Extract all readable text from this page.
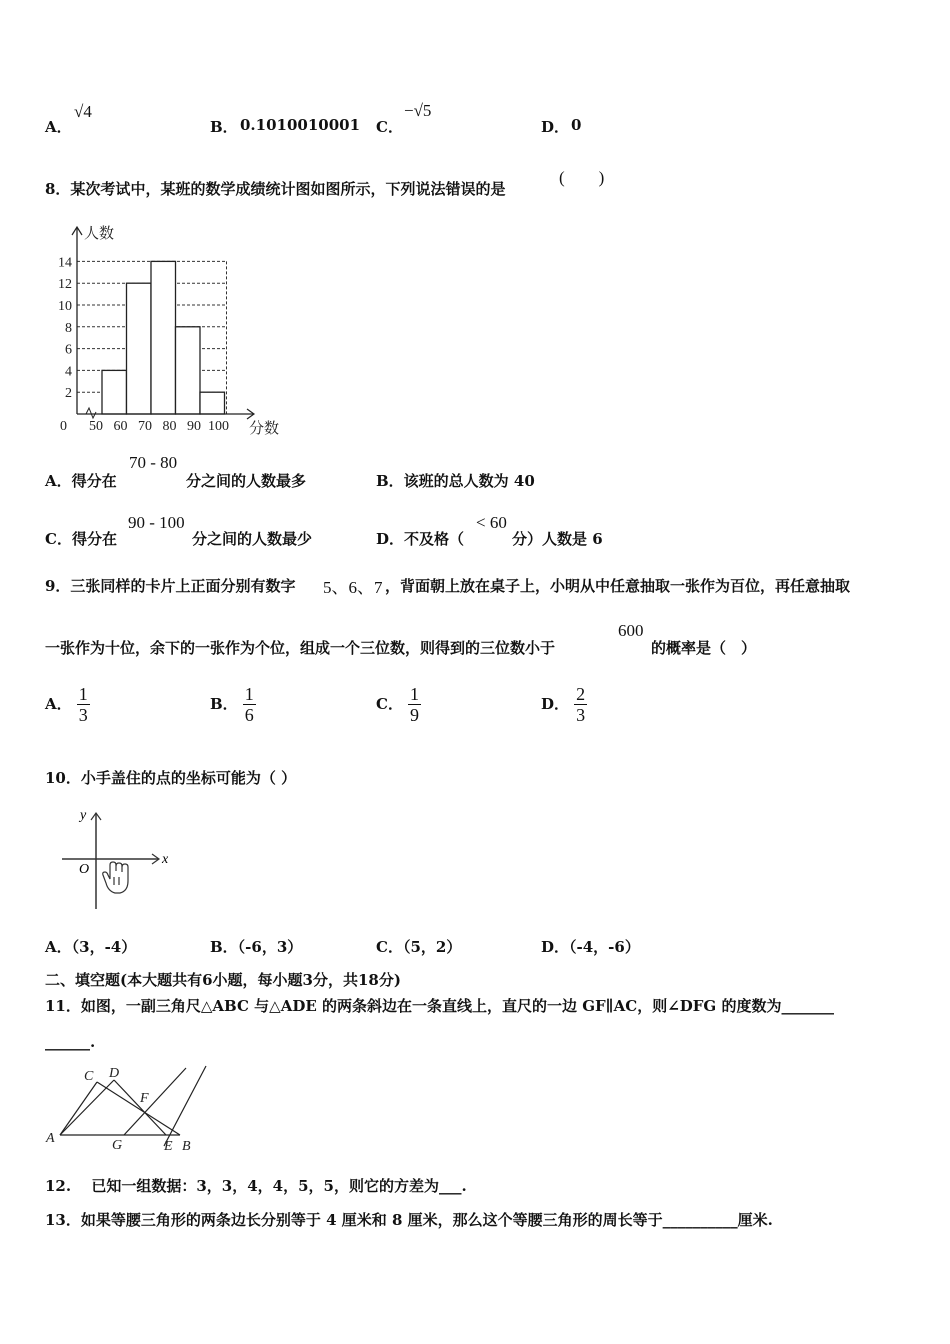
A．
√4
B． 0.1010010001 C．
−√5
D． 0
8．某次考试中，某班的数学成绩统计图如图所示，下列说法错误的是
(　　)
2
4
6
8
10
12
14
50 60 70 80 90 100
0
人数
分数
A．得分在
70 - 80
分之间的人数最多	B．该班的总人数为 40
C．得分在
90 - 100
分之间的人数最少	D．不及格（
< 60
分）人数是 6
9．三张同样的卡片上正面分别有数字 5、6、7 ，背面朝上放在桌子上，小明从中任意抽取一张作为百位，再任意抽取
一张作为十位，余下的一张作为个位，组成一个三位数，则得到的三位数小于
600
的概率是（　）
A． $\frac{1}{3}$	B． $\frac{1}{6}$	C． $\frac{1}{9}$	D． $\frac{2}{3}$
10．小手盖住的点的坐标可能为（ ）
x
y
O
A．（3，-4）	B．（-6，3）	C．（5，2）	D．（-4，-6）
二、填空题(本大题共有6小题，每小题3分，共18分)
11．如图，一副三角尺△ABC 与△ADE 的两条斜边在一条直线上，直尺的一边 GF∥AC，则∠DFG 的度数为_______
______.
A
C D
F
G	E B
12.　 已知一组数据：3，3，4，4，5，5，则它的方差为___.
13．如果等腰三角形的两条边长分别等于 4 厘米和 8 厘米，那么这个等腰三角形的周长等于__________厘米.
